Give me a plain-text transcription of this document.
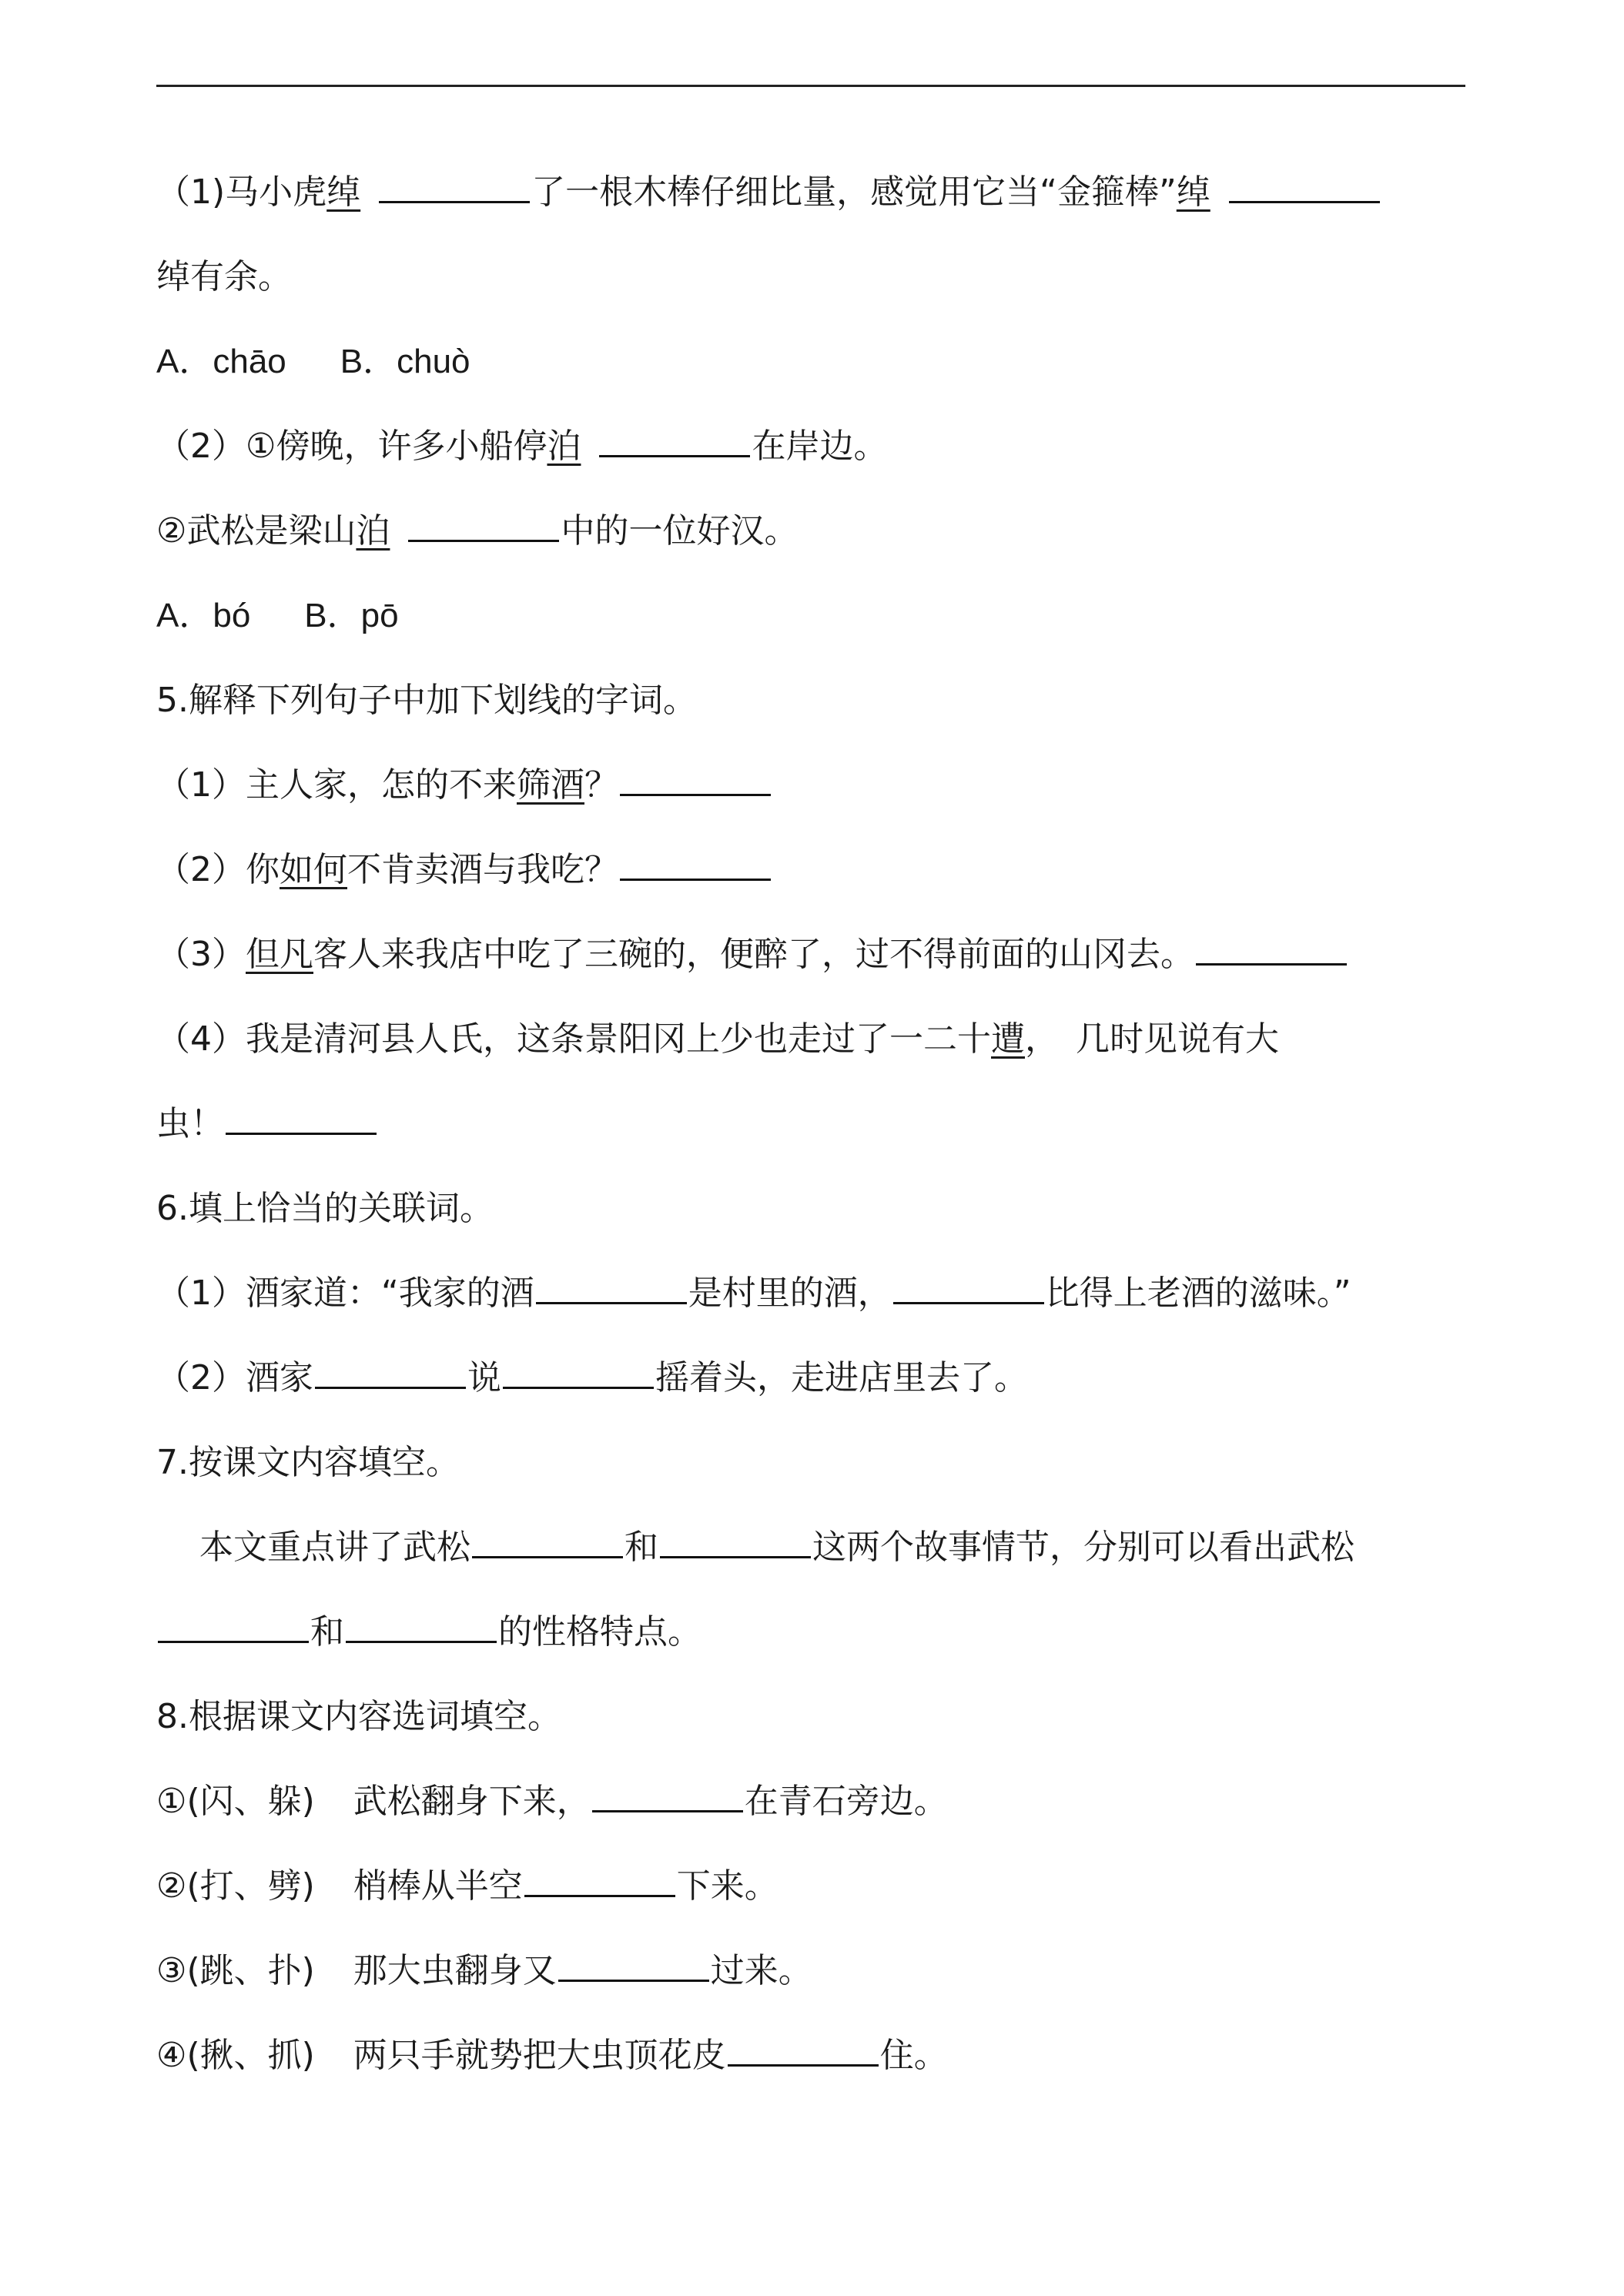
（1)马小虎绰	了一根木棒仔细比量，感觉用它当“金箍棒”绰
绰有余。
A．chāo B．chuò
（2）①傍晚，许多小船停泊	在岸边。
②武松是梁山泊	中的一位好汉。
A．bó B．pō
5.解释下列句子中加下划线的字词。
（1）主人家，怎的不来筛酒？
（2）你如何不肯卖酒与我吃？
（3）但凡客人来我店中吃了三碗的，便醉了，过不得前面的山冈去。
（4）我是清河县人氏，这条景阳冈上少也走过了一二十遭，　几时见说有大
虫！
6.填上恰当的关联词。
（1）酒家道：“我家的酒	是村里的酒，	比得上老酒的滋味。”
（2）酒家	说	摇着头，走进店里去了。
7.按课文内容填空。
本文重点讲了武松	和	这两个故事情节，分别可以看出武松
和	的性格特点。
8.根据课文内容选词填空。
①(闪、躲) 武松翻身下来，	在青石旁边。
②(打、劈) 梢棒从半空	下来。
③(跳、扑) 那大虫翻身又	过来。
④(揪、抓) 两只手就势把大虫顶花皮	住。
